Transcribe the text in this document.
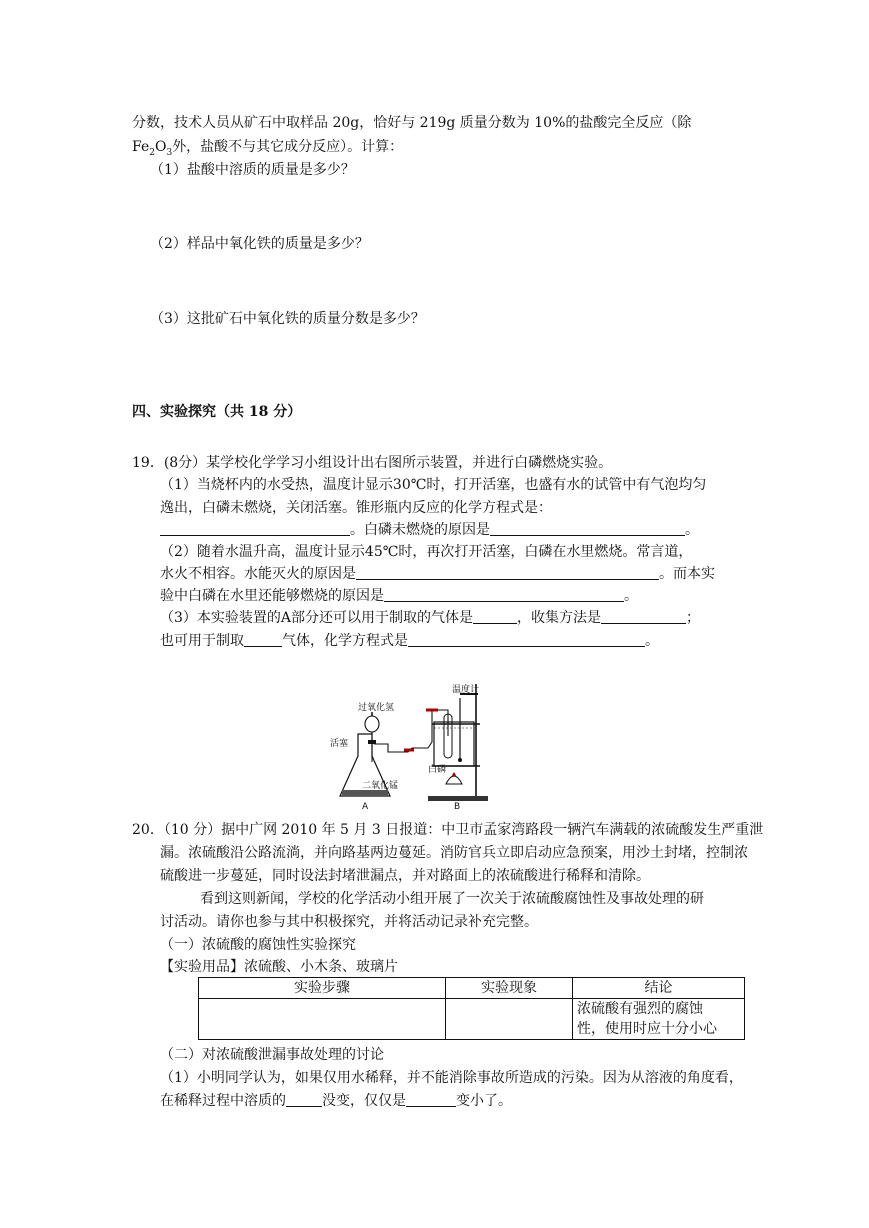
分数，技术人员从矿石中取样品 20g，恰好与 219g 质量分数为 10%的盐酸完全反应（除
$Fe_2O_3$外，盐酸不与其它成分反应）。计算：
（1）盐酸中溶质的质量是多少？
（2）样品中氧化铁的质量是多少？
（3）这批矿石中氧化铁的质量分数是多少？
四、实验探究（共 18 分）
19．(8分）某学校化学学习小组设计出右图所示装置，并进行白磷燃烧实验。
（1）当烧杯内的水受热，温度计显示30℃时，打开活塞，也盛有水的试管中有气泡均匀
逸出，白磷未燃烧，关闭活塞。锥形瓶内反应的化学方程式是：
。白磷未燃烧的原因是	。
（2）随着水温升高，温度计显示45℃时，再次打开活塞，白磷在水里燃烧。常言道，
水火不相容。水能灭火的原因是	。而本实
验中白磷在水里还能够燃烧的原因是	。
（3）本实验装置的A部分还可以用于制取的气体是	，收集方法是	；
也可用于制取	气体，化学方程式是	。
过氧化氢
活塞
二氧化锰
温度计
白磷
A	B
20．（10 分）据中广网 2010 年 5 月 3 日报道：中卫市孟家湾路段一辆汽车满载的浓硫酸发生严重泄
漏。浓硫酸沿公路流淌，并向路基两边蔓延。消防官兵立即启动应急预案，用沙土封堵，控制浓
硫酸进一步蔓延，同时设法封堵泄漏点，并对路面上的浓硫酸进行稀释和清除。
看到这则新闻，学校的化学活动小组开展了一次关于浓硫酸腐蚀性及事故处理的研
讨活动。请你也参与其中积极探究，并将活动记录补充完整。
（一）浓硫酸的腐蚀性实验探究
【实验用品】浓硫酸、小木条、玻璃片
实验步骤	实验现象	结论
		浓硫酸有强烈的腐蚀
性，使用时应十分小心
（二）对浓硫酸泄漏事故处理的讨论
（1）小明同学认为，如果仅用水稀释，并不能消除事故所造成的污染。因为从溶液的角度看，
在稀释过程中溶质的	没变，仅仅是	变小了。
